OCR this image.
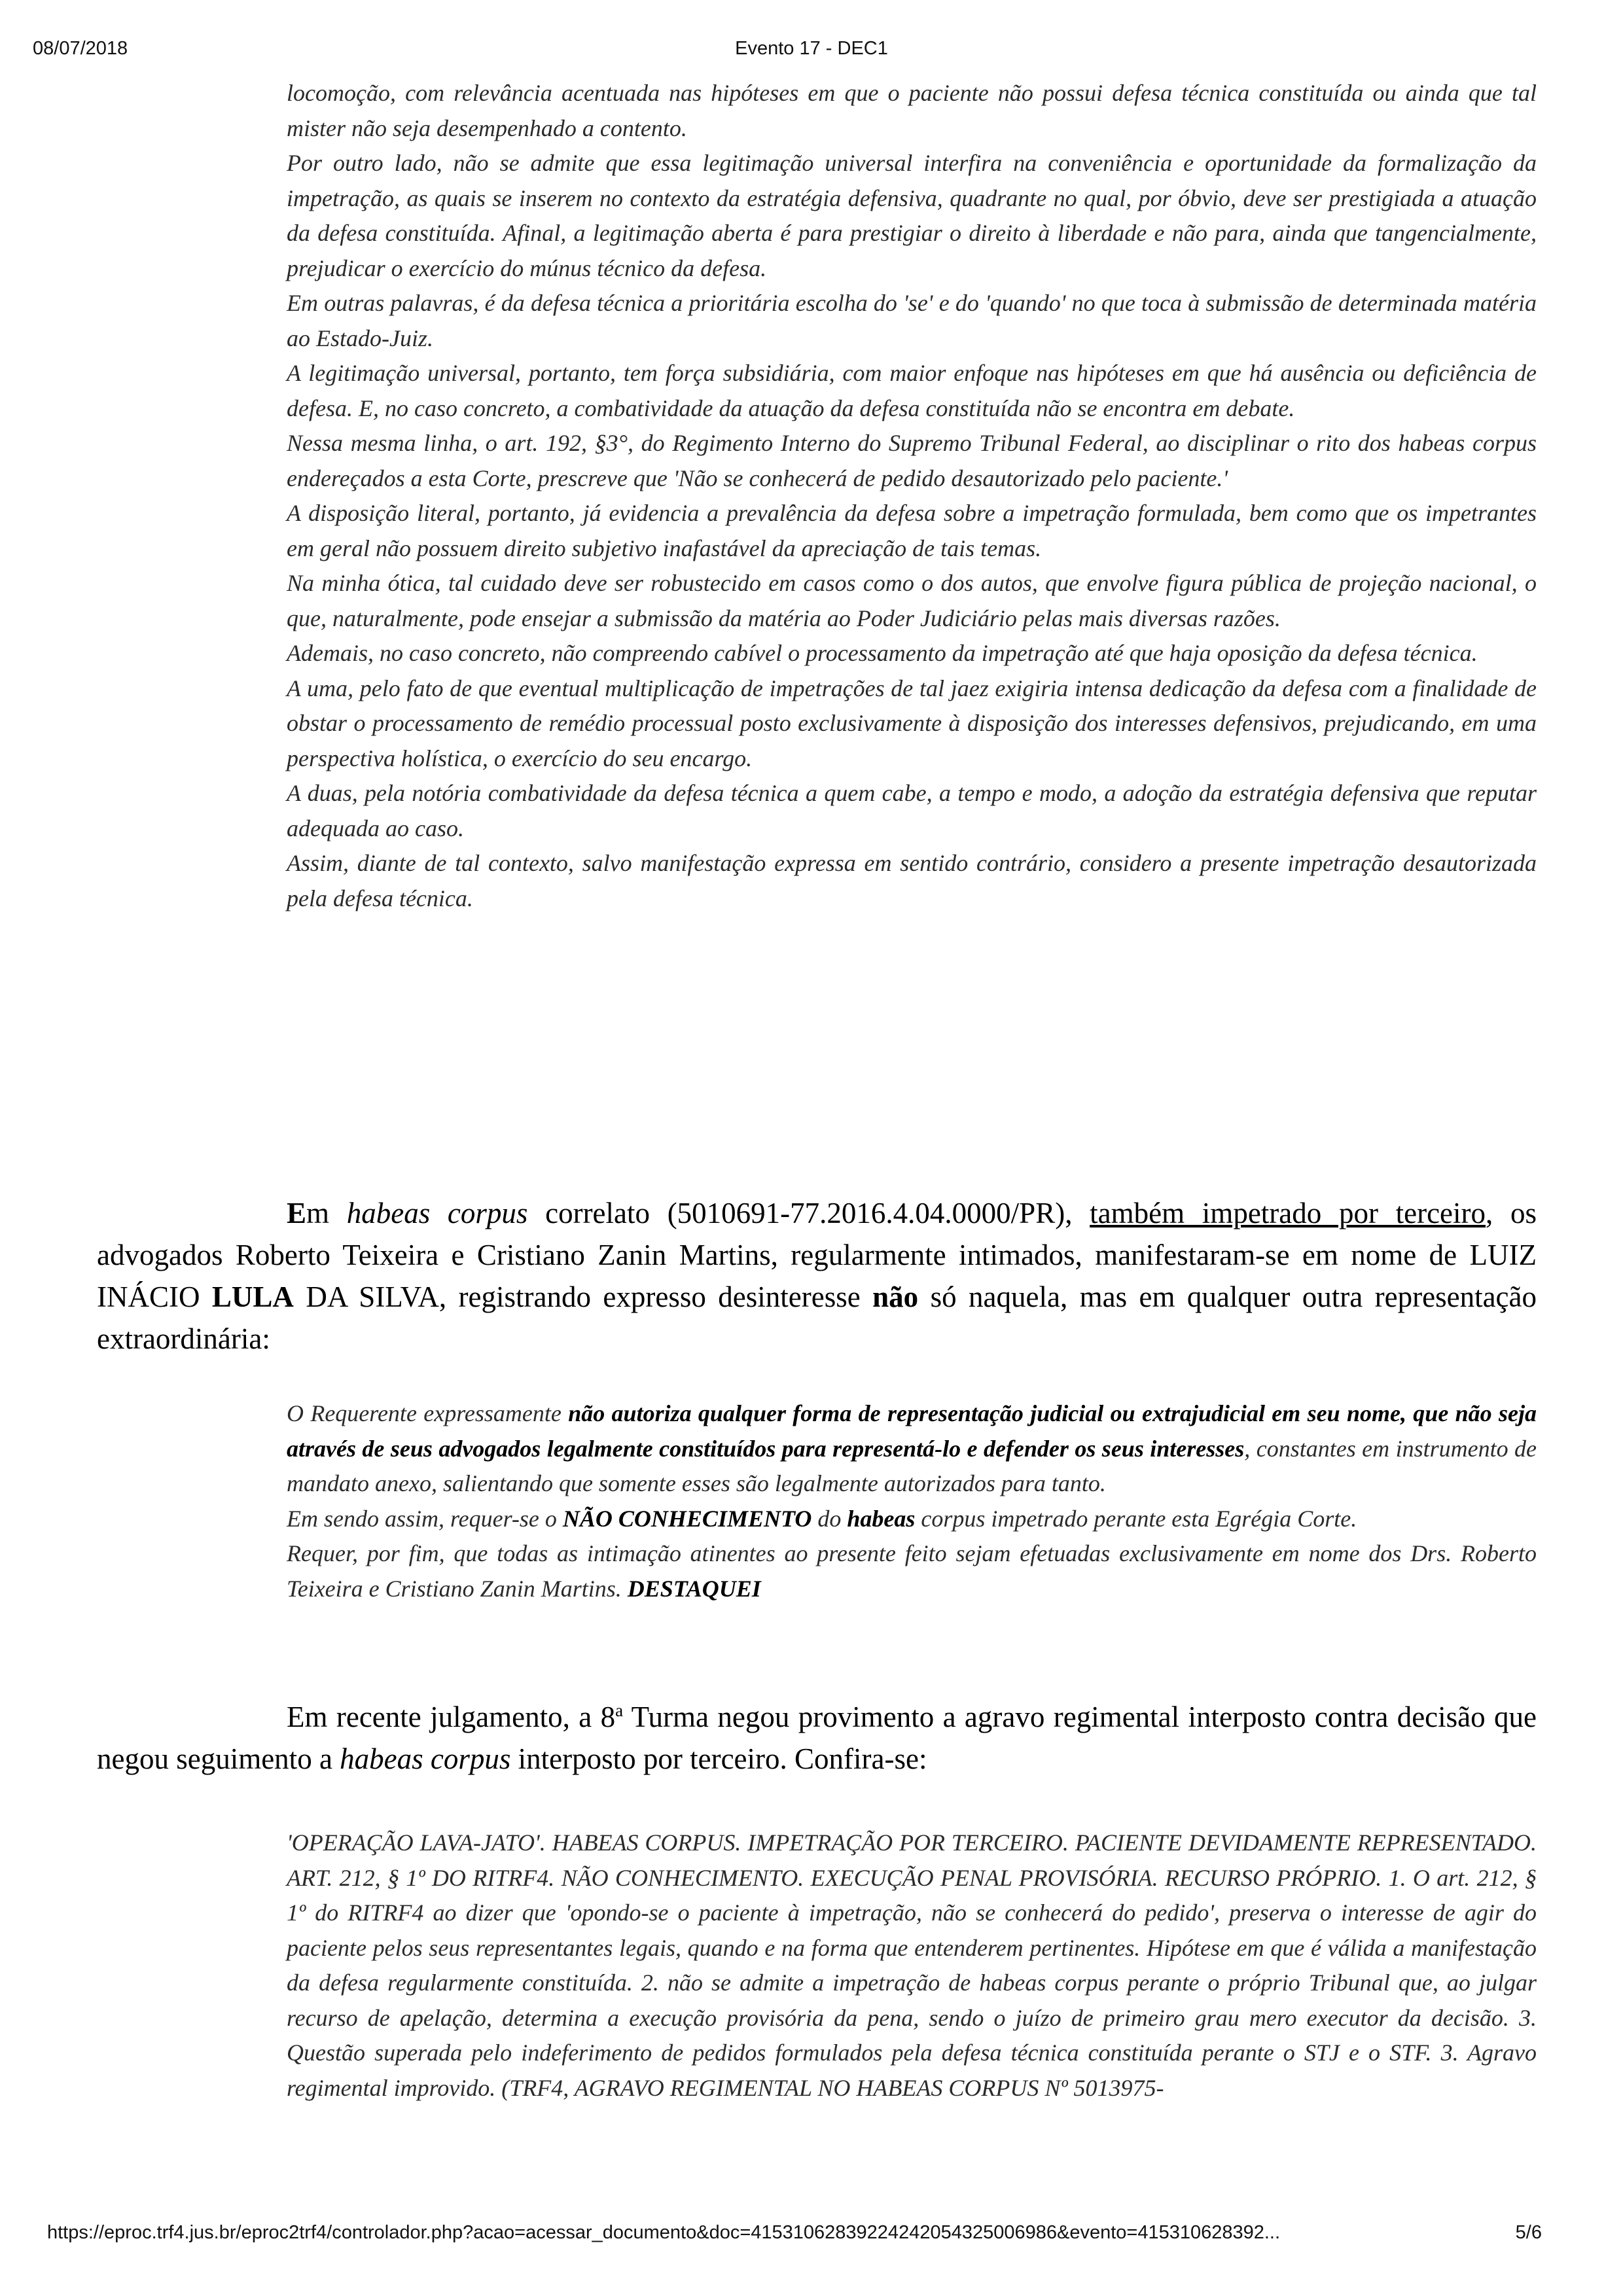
08/07/2018	Evento 17 - DEC1

locomoção, com relevância acentuada nas hipóteses em que o paciente não possui defesa técnica constituída ou ainda que tal mister não seja desempenhado a contento.

Por outro lado, não se admite que essa legitimação universal interfira na conveniência e oportunidade da formalização da impetração, as quais se inserem no contexto da estratégia defensiva, quadrante no qual, por óbvio, deve ser prestigiada a atuação da defesa constituída. Afinal, a legitimação aberta é para prestigiar o direito à liberdade e não para, ainda que tangencialmente, prejudicar o exercício do múnus técnico da defesa.

Em outras palavras, é da defesa técnica a prioritária escolha do 'se' e do 'quando' no que toca à submissão de determinada matéria ao Estado-Juiz.

A legitimação universal, portanto, tem força subsidiária, com maior enfoque nas hipóteses em que há ausência ou deficiência de defesa. E, no caso concreto, a combatividade da atuação da defesa constituída não se encontra em debate.

Nessa mesma linha, o art. 192, §3°, do Regimento Interno do Supremo Tribunal Federal, ao disciplinar o rito dos habeas corpus endereçados a esta Corte, prescreve que 'Não se conhecerá de pedido desautorizado pelo paciente.'

A disposição literal, portanto, já evidencia a prevalência da defesa sobre a impetração formulada, bem como que os impetrantes em geral não possuem direito subjetivo inafastável da apreciação de tais temas.

Na minha ótica, tal cuidado deve ser robustecido em casos como o dos autos, que envolve figura pública de projeção nacional, o que, naturalmente, pode ensejar a submissão da matéria ao Poder Judiciário pelas mais diversas razões.

Ademais, no caso concreto, não compreendo cabível o processamento da impetração até que haja oposição da defesa técnica.

A uma, pelo fato de que eventual multiplicação de impetrações de tal jaez exigiria intensa dedicação da defesa com a finalidade de obstar o processamento de remédio processual posto exclusivamente à disposição dos interesses defensivos, prejudicando, em uma perspectiva holística, o exercício do seu encargo.

A duas, pela notória combatividade da defesa técnica a quem cabe, a tempo e modo, a adoção da estratégia defensiva que reputar adequada ao caso.

Assim, diante de tal contexto, salvo manifestação expressa em sentido contrário, considero a presente impetração desautorizada pela defesa técnica.

Em habeas corpus correlato (5010691-77.2016.4.04.0000/PR), também impetrado por terceiro, os advogados Roberto Teixeira e Cristiano Zanin Martins, regularmente intimados, manifestaram-se em nome de LUIZ INÁCIO LULA DA SILVA, registrando expresso desinteresse não só naquela, mas em qualquer outra representação extraordinária:

O Requerente expressamente não autoriza qualquer forma de representação judicial ou extrajudicial em seu nome, que não seja através de seus advogados legalmente constituídos para representá-lo e defender os seus interesses, constantes em instrumento de mandato anexo, salientando que somente esses são legalmente autorizados para tanto.

Em sendo assim, requer-se o NÃO CONHECIMENTO do habeas corpus impetrado perante esta Egrégia Corte.

Requer, por fim, que todas as intimação atinentes ao presente feito sejam efetuadas exclusivamente em nome dos Drs. Roberto Teixeira e Cristiano Zanin Martins. DESTAQUEI

Em recente julgamento, a 8$^a$ Turma negou provimento a agravo regimental interposto contra decisão que negou seguimento a habeas corpus interposto por terceiro. Confira-se:

'OPERAÇÃO LAVA-JATO'. HABEAS CORPUS. IMPETRAÇÃO POR TERCEIRO. PACIENTE DEVIDAMENTE REPRESENTADO. ART. 212, § 1º DO RITRF4. NÃO CONHECIMENTO. EXECUÇÃO PENAL PROVISÓRIA. RECURSO PRÓPRIO. 1. O art. 212, § 1º do RITRF4 ao dizer que 'opondo-se o paciente à impetração, não se conhecerá do pedido', preserva o interesse de agir do paciente pelos seus representantes legais, quando e na forma que entenderem pertinentes. Hipótese em que é válida a manifestação da defesa regularmente constituída. 2. não se admite a impetração de habeas corpus perante o próprio Tribunal que, ao julgar recurso de apelação, determina a execução provisória da pena, sendo o juízo de primeiro grau mero executor da decisão. 3. Questão superada pelo indeferimento de pedidos formulados pela defesa técnica constituída perante o STJ e o STF. 3. Agravo regimental improvido. (TRF4, AGRAVO REGIMENTAL NO HABEAS CORPUS Nº 5013975-

https://eproc.trf4.jus.br/eproc2trf4/controlador.php?acao=acessar_documento&doc=41531062839224242054325006986&evento=415310628392...	5/6
